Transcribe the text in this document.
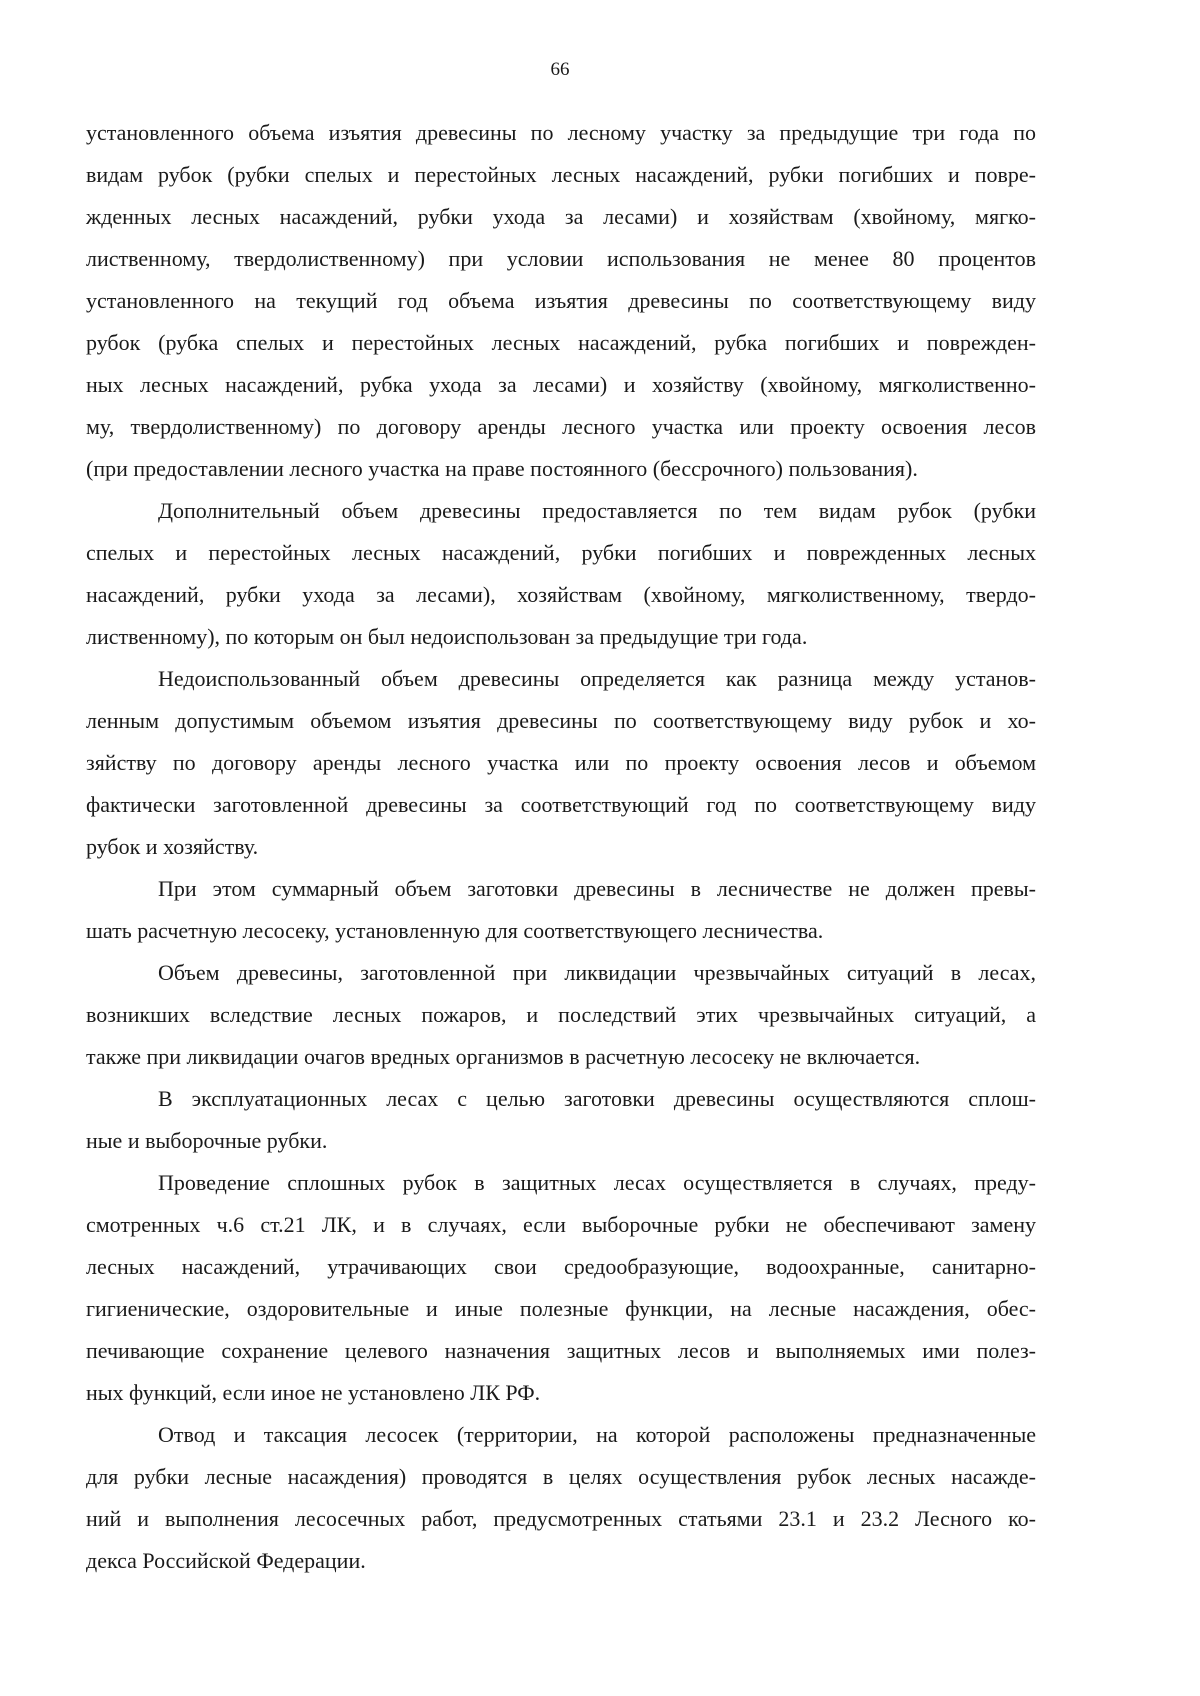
66
установленного объема изъятия древесины по лесному участку за предыдущие три года по
видам рубок (рубки спелых и перестойных лесных насаждений, рубки погибших и повре-
жденных лесных насаждений, рубки ухода за лесами) и хозяйствам (хвойному, мягко-
лиственному, твердолиственному) при условии использования не менее 80 процентов
установленного на текущий год объема изъятия древесины по соответствующему виду
рубок (рубка спелых и перестойных лесных насаждений, рубка погибших и поврежден-
ных лесных насаждений, рубка ухода за лесами) и хозяйству (хвойному, мягколиственно-
му, твердолиственному) по договору аренды лесного участка или проекту освоения лесов
(при предоставлении лесного участка на праве постоянного (бессрочного) пользования).
Дополнительный объем древесины предоставляется по тем видам рубок (рубки
спелых и перестойных лесных насаждений, рубки погибших и поврежденных лесных
насаждений, рубки ухода за лесами), хозяйствам (хвойному, мягколиственному, твердо-
лиственному), по которым он был недоиспользован за предыдущие три года.
Недоиспользованный объем древесины определяется как разница между установ-
ленным допустимым объемом изъятия древесины по соответствующему виду рубок и хо-
зяйству по договору аренды лесного участка или по проекту освоения лесов и объемом
фактически заготовленной древесины за соответствующий год по соответствующему виду
рубок и хозяйству.
При этом суммарный объем заготовки древесины в лесничестве не должен превы-
шать расчетную лесосеку, установленную для соответствующего лесничества.
Объем древесины, заготовленной при ликвидации чрезвычайных ситуаций в лесах,
возникших вследствие лесных пожаров, и последствий этих чрезвычайных ситуаций, а
также при ликвидации очагов вредных организмов в расчетную лесосеку не включается.
В эксплуатационных лесах с целью заготовки древесины осуществляются сплош-
ные и выборочные рубки.
Проведение сплошных рубок в защитных лесах осуществляется в случаях, преду-
смотренных ч.6 ст.21 ЛК, и в случаях, если выборочные рубки не обеспечивают замену
лесных насаждений, утрачивающих свои средообразующие, водоохранные, санитарно-
гигиенические, оздоровительные и иные полезные функции, на лесные насаждения, обес-
печивающие сохранение целевого назначения защитных лесов и выполняемых ими полез-
ных функций, если иное не установлено ЛК РФ.
Отвод и таксация лесосек (территории, на которой расположены предназначенные
для рубки лесные насаждения) проводятся в целях осуществления рубок лесных насажде-
ний и выполнения лесосечных работ, предусмотренных статьями 23.1 и 23.2 Лесного ко-
декса Российской Федерации.
